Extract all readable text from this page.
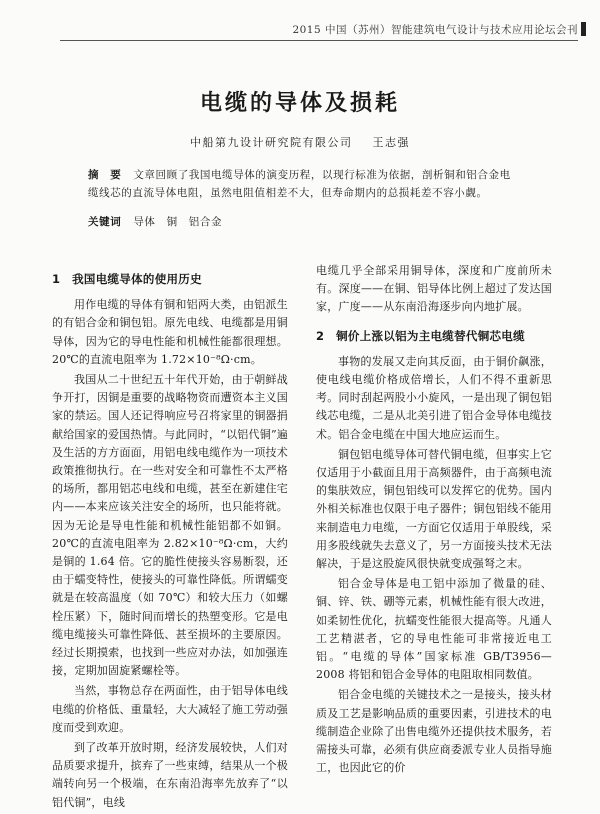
2015 中国（苏州）智能建筑电气设计与技术应用论坛会刊
电缆的导体及损耗
中船第九设计研究院有限公司 王志强
摘　要 文章回顾了我国电缆导体的演变历程，以现行标准为依据，剖析铜和铝合金电缆线芯的直流导体电阻，虽然电阻值相差不大，但寿命期内的总损耗差不容小觑。
关键词 导体　铜　铝合金
1　我国电缆导体的使用历史

用作电缆的导体有铜和铝两大类，由铝派生的有铝合金和铜包铝。原先电线、电缆都是用铜导体，因为它的导电性能和机械性能都很理想。20℃的直流电阻率为 1.72×10⁻⁸Ω·cm。

我国从二十世纪五十年代开始，由于朝鲜战争开打，因铜是重要的战略物资而遭资本主义国家的禁运。国人还记得响应号召将家里的铜器捐献给国家的爱国热情。与此同时，“以铝代铜”遍及生活的方方面面，用铝电线电缆作为一项技术政策推彻执行。在一些对安全和可靠性不太严格的场所，都用铝芯电线和电缆，甚至在新建住宅内——本来应该关注安全的场所，也只能将就。因为无论是导电性能和机械性能铝都不如铜。20℃的直流电阻率为 2.82×10⁻⁸Ω·cm，大约是铜的 1.64 倍。它的脆性使接头容易断裂，还由于蠕变特性，使接头的可靠性降低。所谓蠕变就是在较高温度（如 70℃）和较大压力（如螺栓压紧）下，随时间而增长的热塑变形。它是电缆电缆接头可靠性降低、甚至损坏的主要原因。经过长期摸索，也找到一些应对办法，如加强连接，定期加固旋紧螺栓等。

当然，事物总存在两面性，由于铝导体电线电缆的价格低、重量轻，大大减轻了施工劳动强度而受到欢迎。

到了改革开放时期，经济发展较快，人们对品质要求提升，摈弃了一些束缚，结果从一个极端转向另一个极端，在东南沿海率先放弃了“以铝代铜”，电线

电缆几乎全部采用铜导体，深度和广度前所未有。深度——在铜、铝导体比例上超过了发达国家，广度——从东南沿海逐步向内地扩展。

2　铜价上涨以铝为主电缆替代铜芯电缆

事物的发展又走向其反面，由于铜价飙涨，使电线电缆价格成倍增长，人们不得不重新思考。同时刮起两股小小旋风，一是出现了铜包铝线芯电缆，二是从北美引进了铝合金导体电缆技术。铝合金电缆在中国大地应运而生。

铜包铝电缆导体可替代铜电缆，但事实上它仅适用于小截面且用于高频器件，由于高频电流的集肤效应，铜包铝线可以发挥它的优势。国内外相关标准也仅限于电子器件；铜包铝线不能用来制造电力电缆，一方面它仅适用于单股线，采用多股线就失去意义了，另一方面接头技术无法解决，于是这股旋风很快就变成强弩之末。

铝合金导体是电工铝中添加了微量的硅、铜、锌、铁、硼等元素，机械性能有很大改进，如柔韧性优化，抗蠕变性能很大提高等。凡通人工艺精湛者，它的导电性能可非常接近电工铝。“电缆的导体”国家标准 GB/T3956—2008 将铝和铝合金导体的电阻取相同数值。

铝合金电缆的关键技术之一是接头，接头材质及工艺是影响品质的重要因素，引进技术的电缆制造企业除了出售电缆外还提供技术服务，若需接头可靠，必须有供应商委派专业人员指导施工，也因此它的价
